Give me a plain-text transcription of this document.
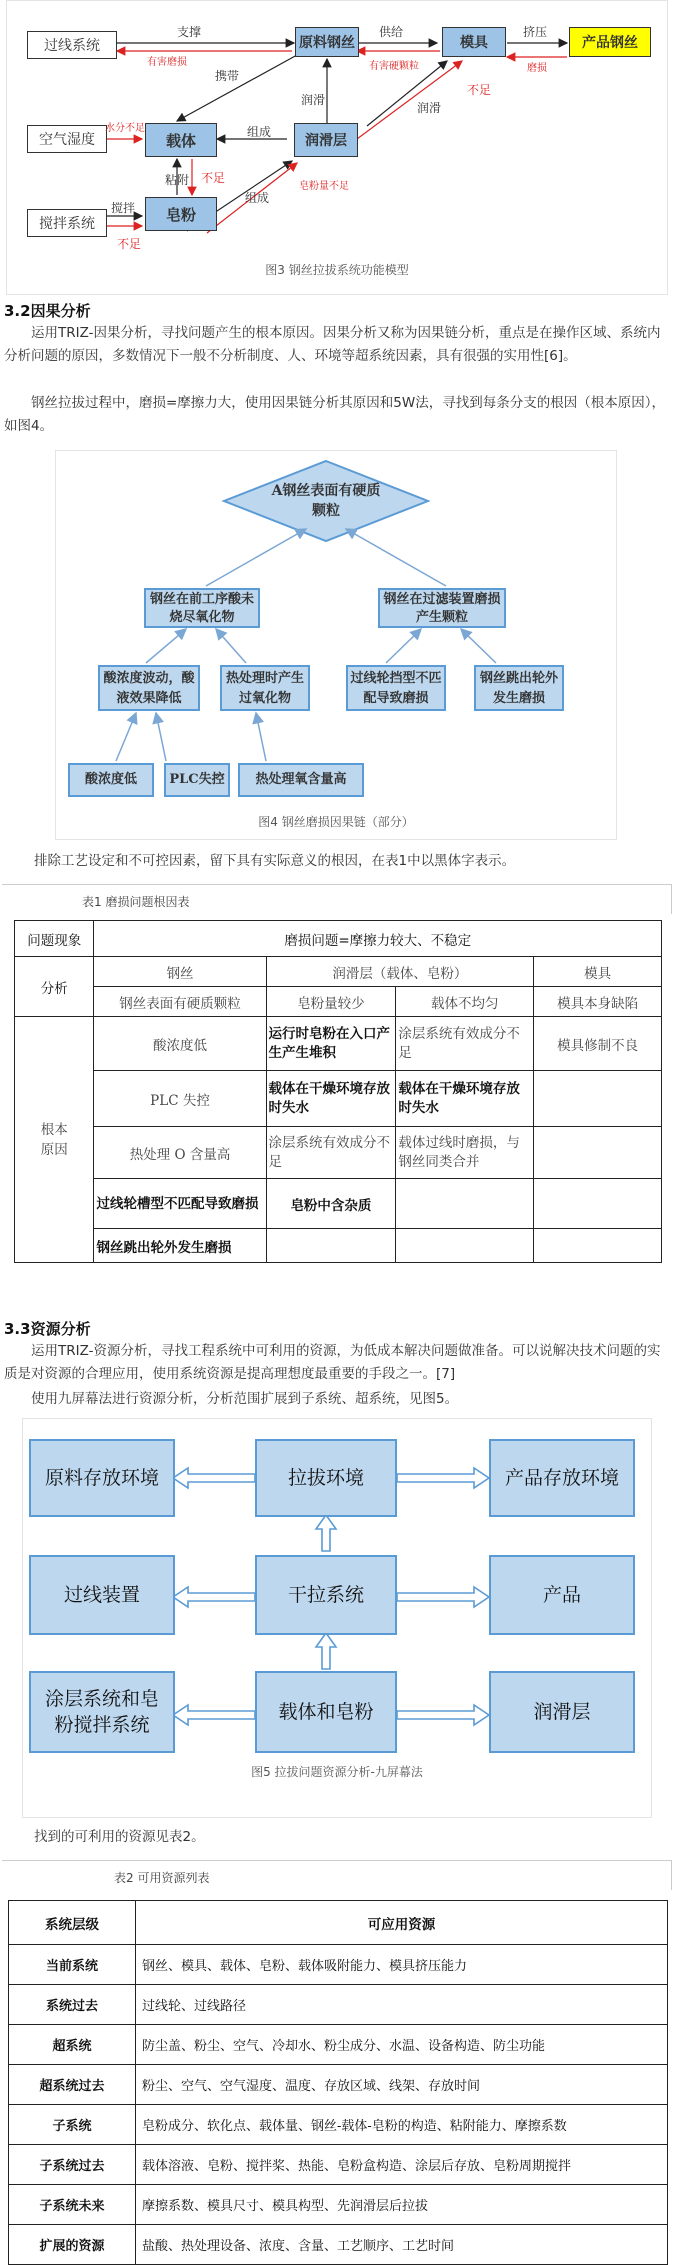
过线系统
空气湿度
搅拌系统
原料钢丝	模具	产品钢丝
载体	润滑层
皂粉
支撑
有害磨损
携带
水分不足	组成
粘附 不足
搅拌
不足
组成
皂粉量不足
润滑
供给
有害硬颗粒
润滑
不足
挤压
磨损
图3 钢丝拉拔系统功能模型
3.2因果分析
运用TRIZ-因果分析，寻找问题产生的根本原因。因果分析又称为因果链分析，重点是在操作区域、系统内分析问题的原因，多数情况下一般不分析制度、人、环境等超系统因素，具有很强的实用性[6]。
钢丝拉拔过程中，磨损=摩擦力大，使用因果链分析其原因和5W法，寻找到每条分支的根因（根本原因），如图4。
A钢丝表面有硬质颗粒
钢丝在前工序酸未烧尽氧化物
钢丝在过滤装置磨损产生颗粒
酸浓度波动，酸液效果降低
热处理时产生过氧化物
过线轮挡型不匹配导致磨损
钢丝跳出轮外发生磨损
酸浓度低	PLC失控	热处理氧含量高
图4 钢丝磨损因果链（部分）
排除工艺设定和不可控因素，留下具有实际意义的根因，在表1中以黑体字表示。
表1 磨损问题根因表
问题现象	磨损问题=摩擦力较大、不稳定			
分析	钢丝	润滑层（载体、皂粉）		模具
	钢丝表面有硬质颗粒	皂粉量较少	载体不均匀	模具本身缺陷
根本原因	酸浓度低	运行时皂粉在入口产生产生堆积	涂层系统有效成分不足	模具修制不良
	PLC 失控	载体在干燥环境存放时失水	载体在干燥环境存放时失水	
	热处理 O 含量高	涂层系统有效成分不足	载体过线时磨损，与钢丝同类合并	
	过线轮槽型不匹配导致磨损	皂粉中含杂质		
	钢丝跳出轮外发生磨损			
3.3资源分析
运用TRIZ-资源分析，寻找工程系统中可利用的资源，为低成本解决问题做准备。可以说解决技术问题的实质是对资源的合理应用，使用系统资源是提高理想度最重要的手段之一。[7]
使用九屏幕法进行资源分析，分析范围扩展到子系统、超系统，见图5。
原料存放环境	拉拔环境	产品存放环境
过线装置	干拉系统	产品
涂层系统和皂粉搅拌系统
载体和皂粉	润滑层
图5 拉拔问题资源分析-九屏幕法
找到的可利用的资源见表2。
表2 可用资源列表
系统层级	可应用资源
当前系统	钢丝、模具、载体、皂粉、载体吸附能力、模具挤压能力
系统过去	过线轮、过线路径
超系统	防尘盖、粉尘、空气、冷却水、粉尘成分、水温、设备构造、防尘功能
超系统过去	粉尘、空气、空气湿度、温度、存放区域、线架、存放时间
子系统	皂粉成分、软化点、载体量、钢丝-载体-皂粉的构造、粘附能力、摩擦系数
子系统过去	载体溶液、皂粉、搅拌桨、热能、皂粉盒构造、涂层后存放、皂粉周期搅拌
子系统未来	摩擦系数、模具尺寸、模具构型、先润滑层后拉拔
扩展的资源	盐酸、热处理设备、浓度、含量、工艺顺序、工艺时间
